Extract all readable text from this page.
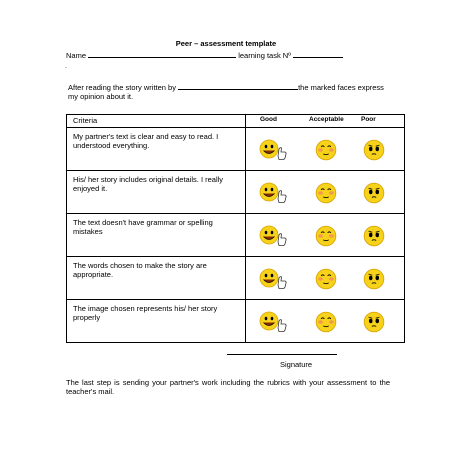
Peer – assessment template
Name	learning task Nº
.
After reading the story written by	the marked faces express my opinion about it.
Criteria	Good Acceptable Poor

My partner's text is clear and easy to read. I understood everything.	

His/ her story includes original details. I really enjoyed it.	

The text doesn't have grammar or spelling mistakes	

The words chosen to make the story are appropriate.	

The image chosen represents his/ her story properly	
Signature
The last step is sending your partner's work including the rubrics with your assessment to the teacher's mail.
